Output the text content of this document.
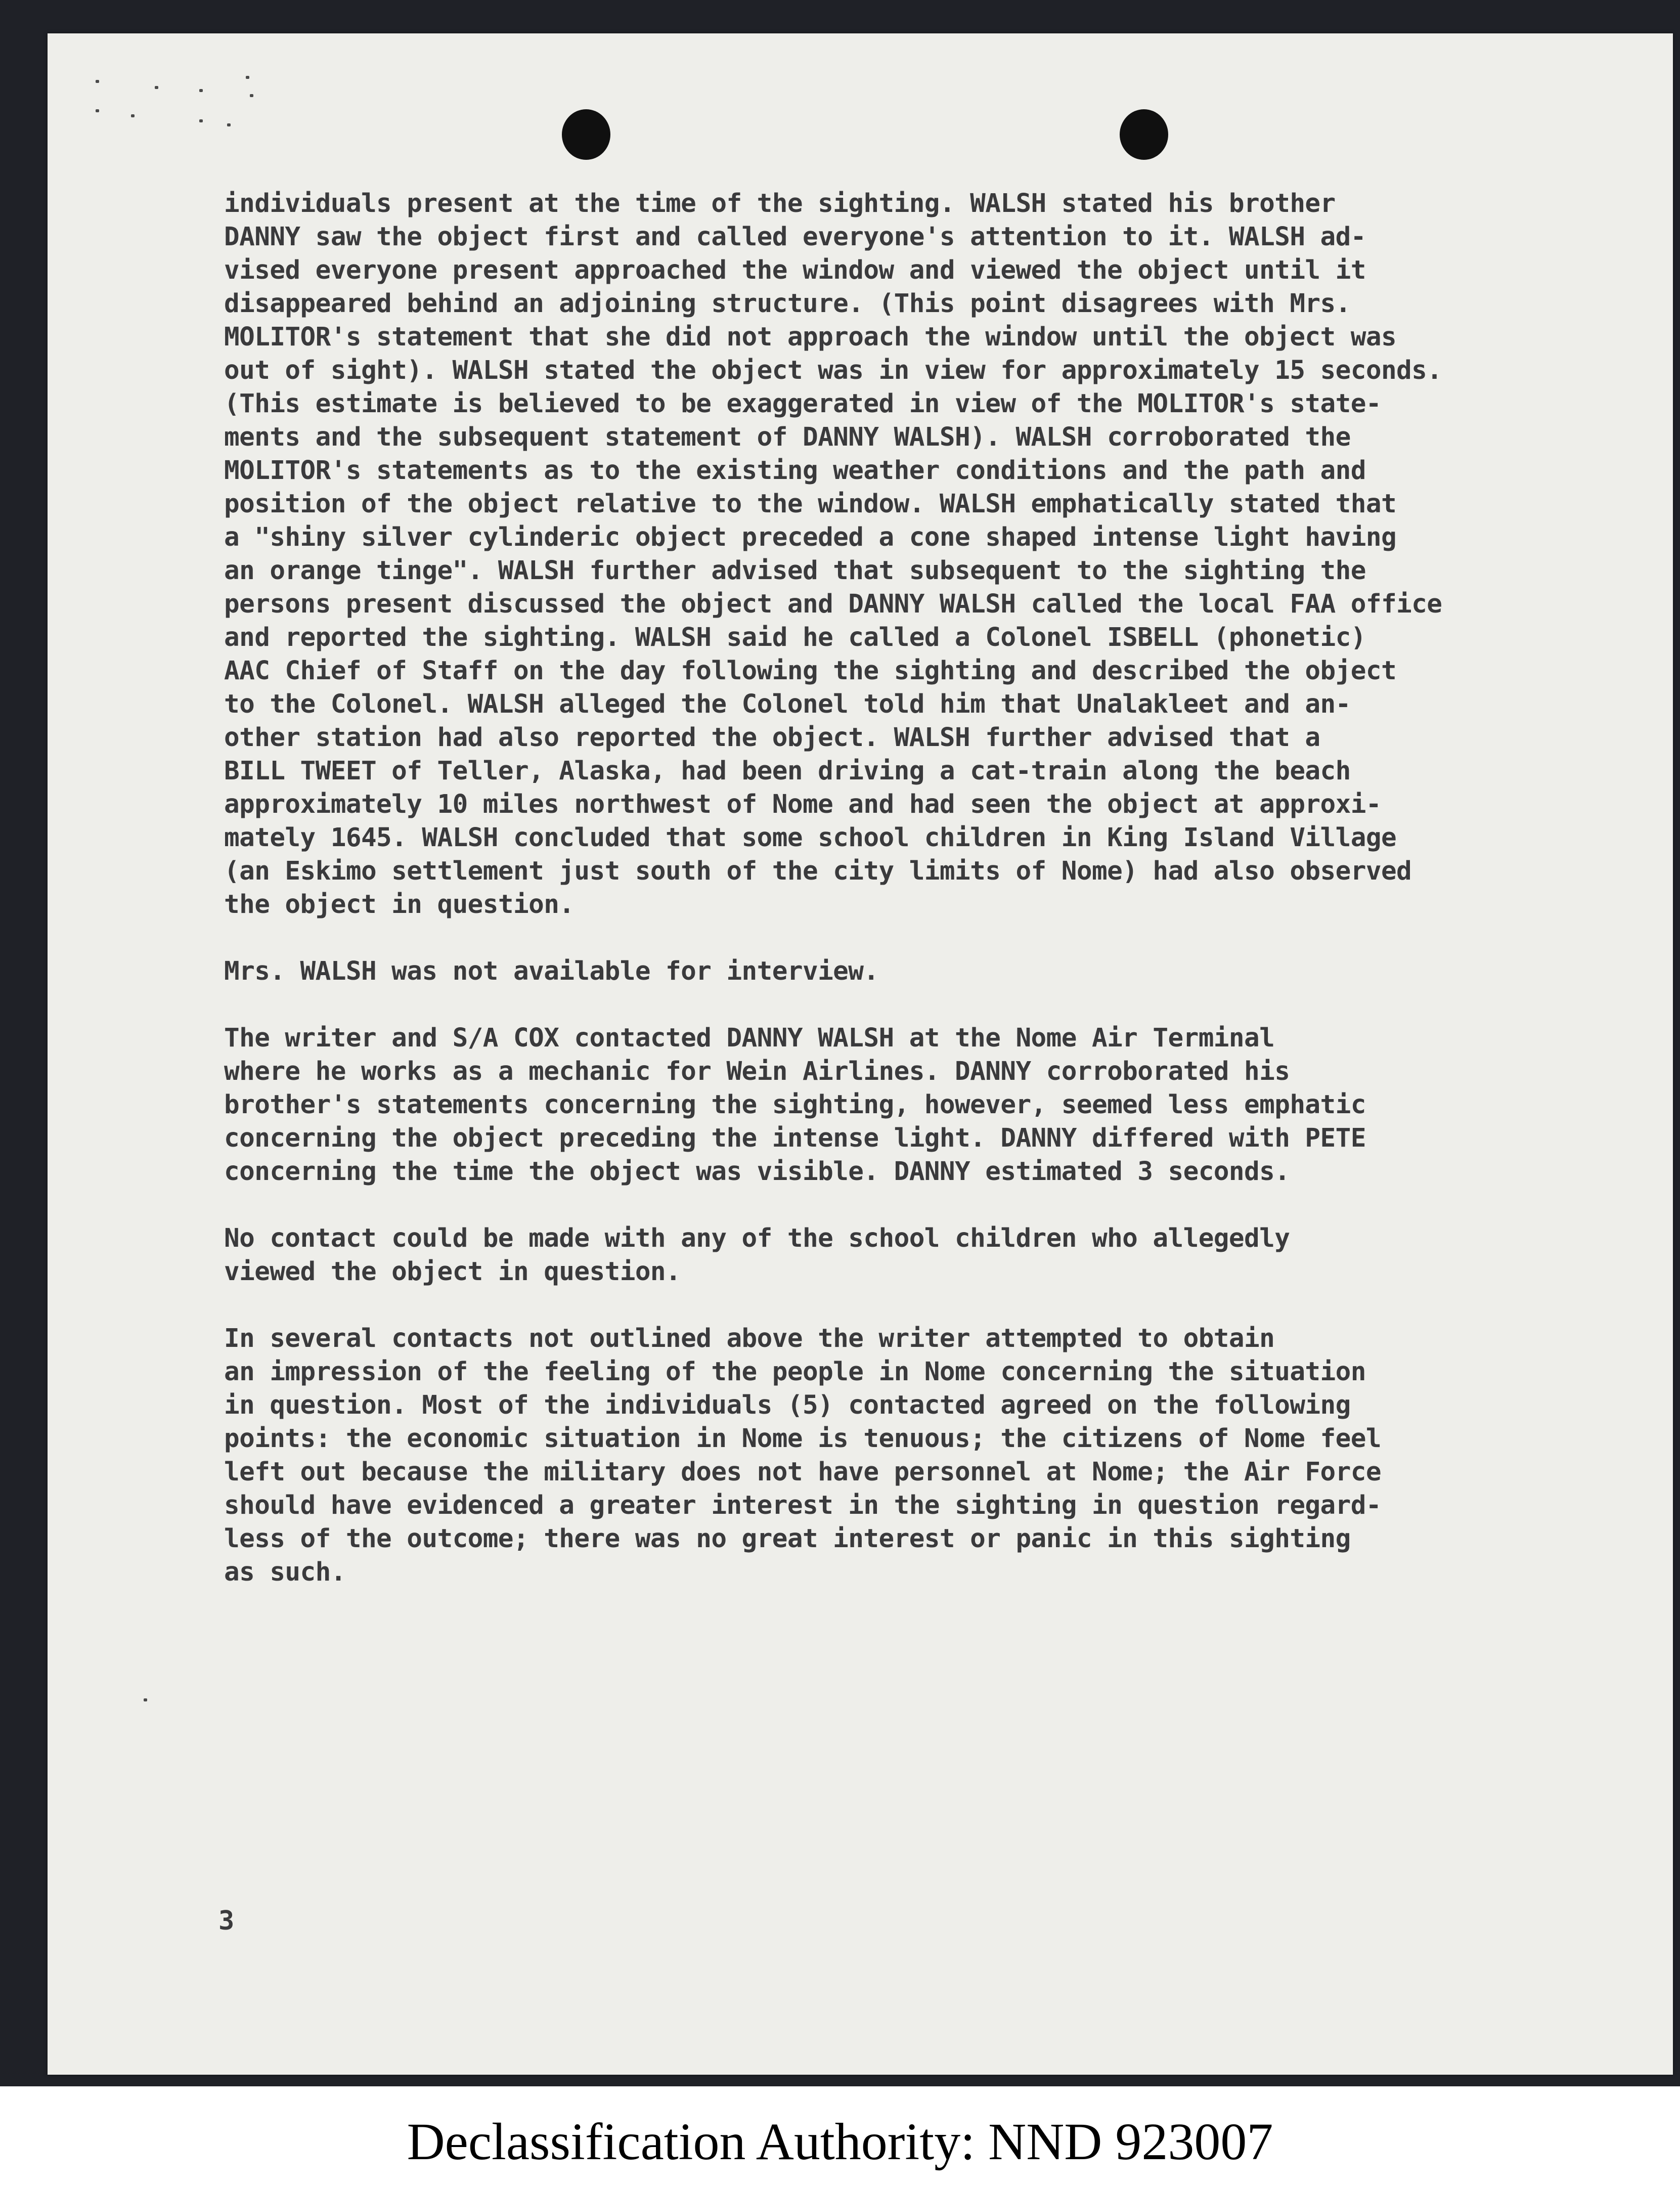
individuals present at the time of the sighting. WALSH stated his brother
DANNY saw the object first and called everyone's attention to it. WALSH ad-
vised everyone present approached the window and viewed the object until it
disappeared behind an adjoining structure. (This point disagrees with Mrs.
MOLITOR's statement that she did not approach the window until the object was
out of sight). WALSH stated the object was in view for approximately 15 seconds.
(This estimate is believed to be exaggerated in view of the MOLITOR's state-
ments and the subsequent statement of DANNY WALSH). WALSH corroborated the
MOLITOR's statements as to the existing weather conditions and the path and
position of the object relative to the window. WALSH emphatically stated that
a "shiny silver cylinderic object preceded a cone shaped intense light having
an orange tinge". WALSH further advised that subsequent to the sighting the
persons present discussed the object and DANNY WALSH called the local FAA office
and reported the sighting. WALSH said he called a Colonel ISBELL (phonetic)
AAC Chief of Staff on the day following the sighting and described the object
to the Colonel. WALSH alleged the Colonel told him that Unalakleet and an-
other station had also reported the object. WALSH further advised that a
BILL TWEET of Teller, Alaska, had been driving a cat-train along the beach
approximately 10 miles northwest of Nome and had seen the object at approxi-
mately 1645. WALSH concluded that some school children in King Island Village
(an Eskimo settlement just south of the city limits of Nome) had also observed
the object in question.

Mrs. WALSH was not available for interview.

The writer and S/A COX contacted DANNY WALSH at the Nome Air Terminal
where he works as a mechanic for Wein Airlines. DANNY corroborated his
brother's statements concerning the sighting, however, seemed less emphatic
concerning the object preceding the intense light. DANNY differed with PETE
concerning the time the object was visible. DANNY estimated 3 seconds.

No contact could be made with any of the school children who allegedly
viewed the object in question.

In several contacts not outlined above the writer attempted to obtain
an impression of the feeling of the people in Nome concerning the situation
in question. Most of the individuals (5) contacted agreed on the following
points: the economic situation in Nome is tenuous; the citizens of Nome feel
left out because the military does not have personnel at Nome; the Air Force
should have evidenced a greater interest in the sighting in question regard-
less of the outcome; there was no great interest or panic in this sighting
as such.

3
Declassification Authority: NND 923007
